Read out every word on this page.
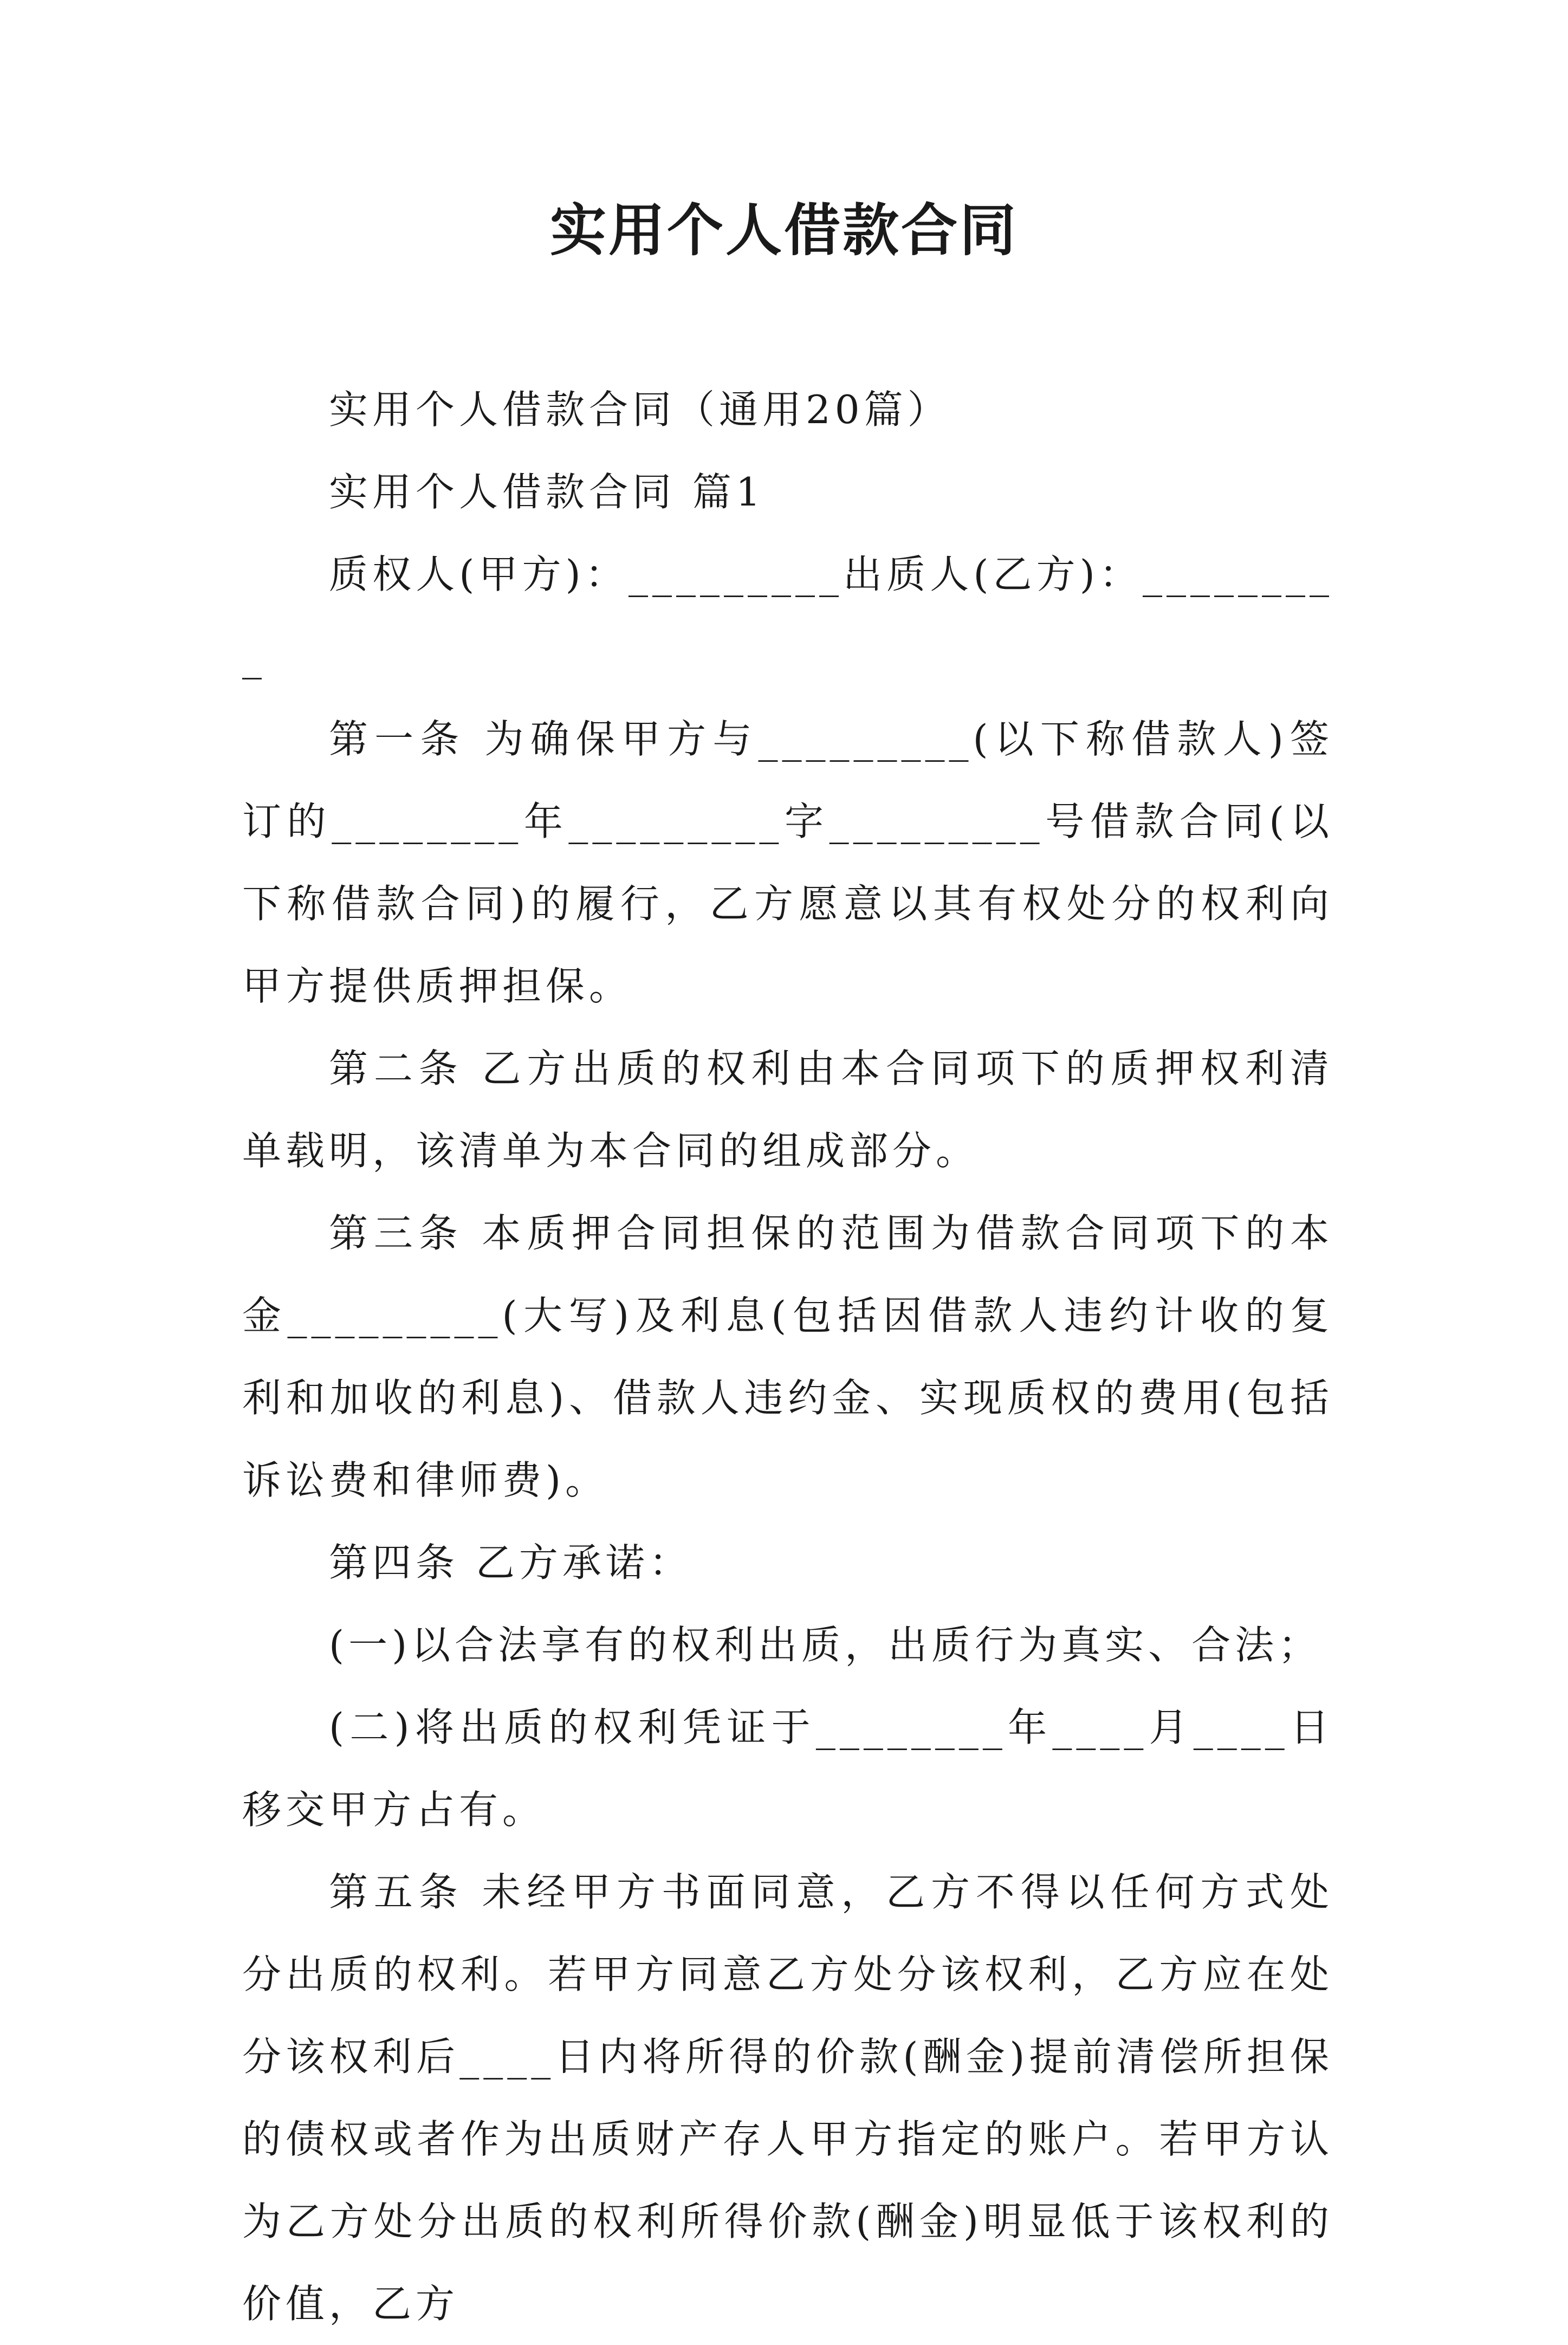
实用个人借款合同

实用个人借款合同（通用20篇）

实用个人借款合同 篇1

质权人(甲方)：_________出质人(乙方)：_________

第一条 为确保甲方与_________(以下称借款人)签订的________年_________字_________号借款合同(以下称借款合同)的履行，乙方愿意以其有权处分的权利向甲方提供质押担保。

第二条 乙方出质的权利由本合同项下的质押权利清单载明，该清单为本合同的组成部分。

第三条 本质押合同担保的范围为借款合同项下的本金_________(大写)及利息(包括因借款人违约计收的复利和加收的利息)、借款人违约金、实现质权的费用(包括诉讼费和律师费)。

第四条 乙方承诺：

(一)以合法享有的权利出质，出质行为真实、合法；

(二)将出质的权利凭证于________年____月____日移交甲方占有。

第五条 未经甲方书面同意，乙方不得以任何方式处分出质的权利。若甲方同意乙方处分该权利，乙方应在处分该权利后____日内将所得的价款(酬金)提前清偿所担保的债权或者作为出质财产存人甲方指定的账户。若甲方认为乙方处分出质的权利所得价款(酬金)明显低于该权利的价值，乙方
